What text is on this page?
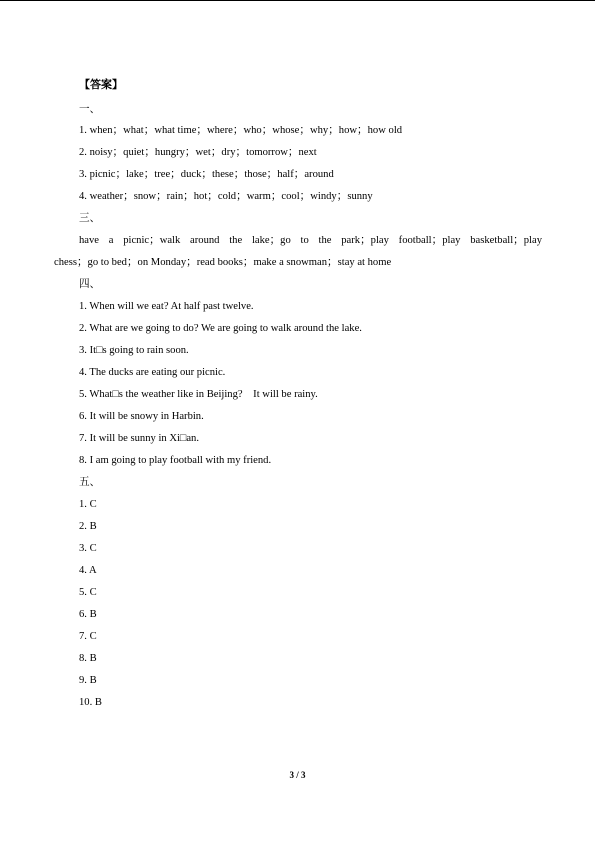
【答案】
一、
1. when；what；what time；where；who；whose；why；how；how old
2. noisy；quiet；hungry；wet；dry；tomorrow；next
3. picnic；lake；tree；duck；these；those；half；around
4. weather；snow；rain；hot；cold；warm；cool；windy；sunny
三、
have a picnic；walk around the lake；go to the park；play football；play basketball；play
chess；go to bed；on Monday；read books；make a snowman；stay at home
四、
1. When will we eat? At half past twelve.
2. What are we going to do? We are going to walk around the lake.
3. It□s going to rain soon.
4. The ducks are eating our picnic.
5. What□s the weather like in Beijing?    It will be rainy.
6. It will be snowy in Harbin.
7. It will be sunny in Xi□an.
8. I am going to play football with my friend.
五、
1. C
2. B
3. C
4. A
5. C
6. B
7. C
8. B
9. B
10. B
3 / 3
